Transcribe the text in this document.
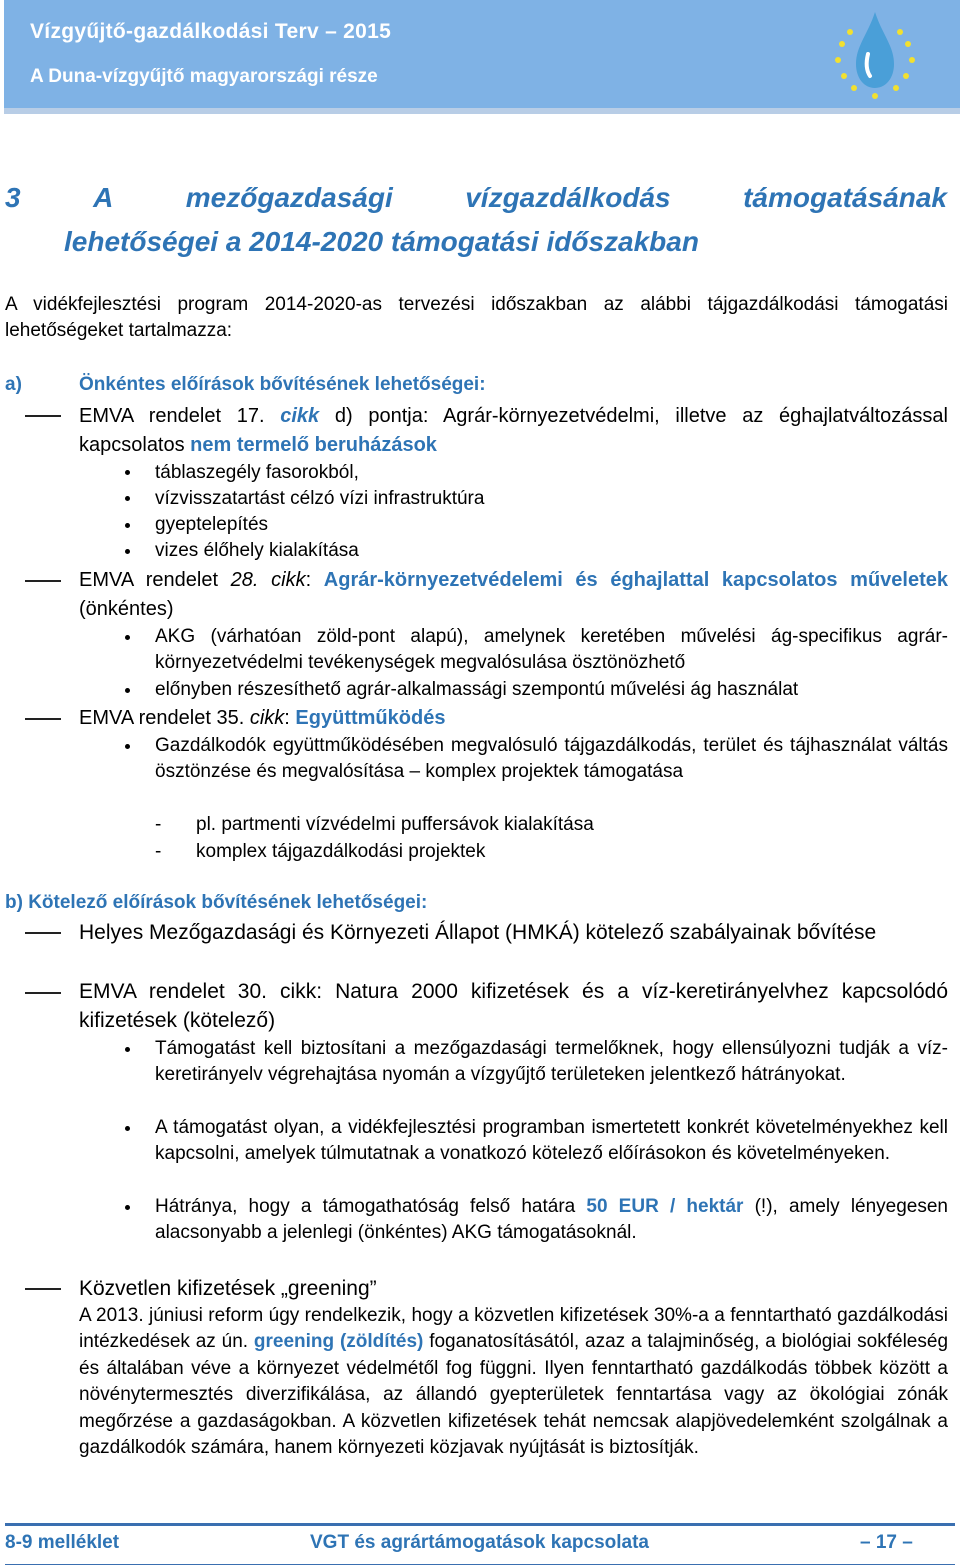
Vízgyűjtő-gazdálkodási Terv – 2015
A Duna-vízgyűjtő magyarországi része
3	A	mezőgazdasági	vízgazdálkodás	támogatásának
lehetőségei a 2014-2020 támogatási időszakban
A vidékfejlesztési program 2014-2020-as tervezési időszakban az alábbi tájgazdálkodási támogatási lehetőségeket tartalmazza:
a)	Önkéntes előírások bővítésének lehetőségei:
EMVA rendelet 17. cikk d) pontja: Agrár-környezetvédelmi, illetve az éghajlatváltozással kapcsolatos nem termelő beruházások
táblaszegély fasorokból,
vízvisszatartást célzó vízi infrastruktúra
gyeptelepítés
vizes élőhely kialakítása
EMVA rendelet 28. cikk: Agrár-környezetvédelemi és éghajlattal kapcsolatos műveletek (önkéntes)
AKG (várhatóan zöld-pont alapú), amelynek keretében művelési ág-specifikus agrár-környezetvédelmi tevékenységek megvalósulása ösztönözhető
előnyben részesíthető agrár-alkalmassági szempontú művelési ág használat
EMVA rendelet 35. cikk: Együttműködés
Gazdálkodók együttműködésében megvalósuló tájgazdálkodás, terület és tájhasználat váltás ösztönzése és megvalósítása – komplex projektek támogatása
- pl. partmenti vízvédelmi puffersávok kialakítása
- komplex tájgazdálkodási projektek
b) Kötelező előírások bővítésének lehetőségei:
Helyes Mezőgazdasági és Környezeti Állapot (HMKÁ) kötelező szabályainak bővítése
EMVA rendelet 30. cikk: Natura 2000 kifizetések és a víz-keretirányelvhez kapcsolódó kifizetések (kötelező)
Támogatást kell biztosítani a mezőgazdasági termelőknek, hogy ellensúlyozni tudják a víz-keretirányelv végrehajtása nyomán a vízgyűjtő területeken jelentkező hátrányokat.
A támogatást olyan, a vidékfejlesztési programban ismertetett konkrét követelményekhez kell kapcsolni, amelyek túlmutatnak a vonatkozó kötelező előírásokon és követelményeken.
Hátránya, hogy a támogathatóság felső határa 50 EUR / hektár (!), amely lényegesen alacsonyabb a jelenlegi (önkéntes) AKG támogatásoknál.
Közvetlen kifizetések „greening”
A 2013. júniusi reform úgy rendelkezik, hogy a közvetlen kifizetések 30%-a a fenntartható gazdálkodási intézkedések az ún. greening (zöldítés) foganatosításától, azaz a talajminőség, a biológiai sokféleség és általában véve a környezet védelmétől fog függni. Ilyen fenntartható gazdálkodás többek között a növénytermesztés diverzifikálása, az állandó gyepterületek fenntartása vagy az ökológiai zónák megőrzése a gazdaságokban. A közvetlen kifizetések tehát nemcsak alapjövedelemként szolgálnak a gazdálkodók számára, hanem környezeti közjavak nyújtását is biztosítják.
8-9 melléklet	VGT és agrártámogatások kapcsolata	– 17 –
